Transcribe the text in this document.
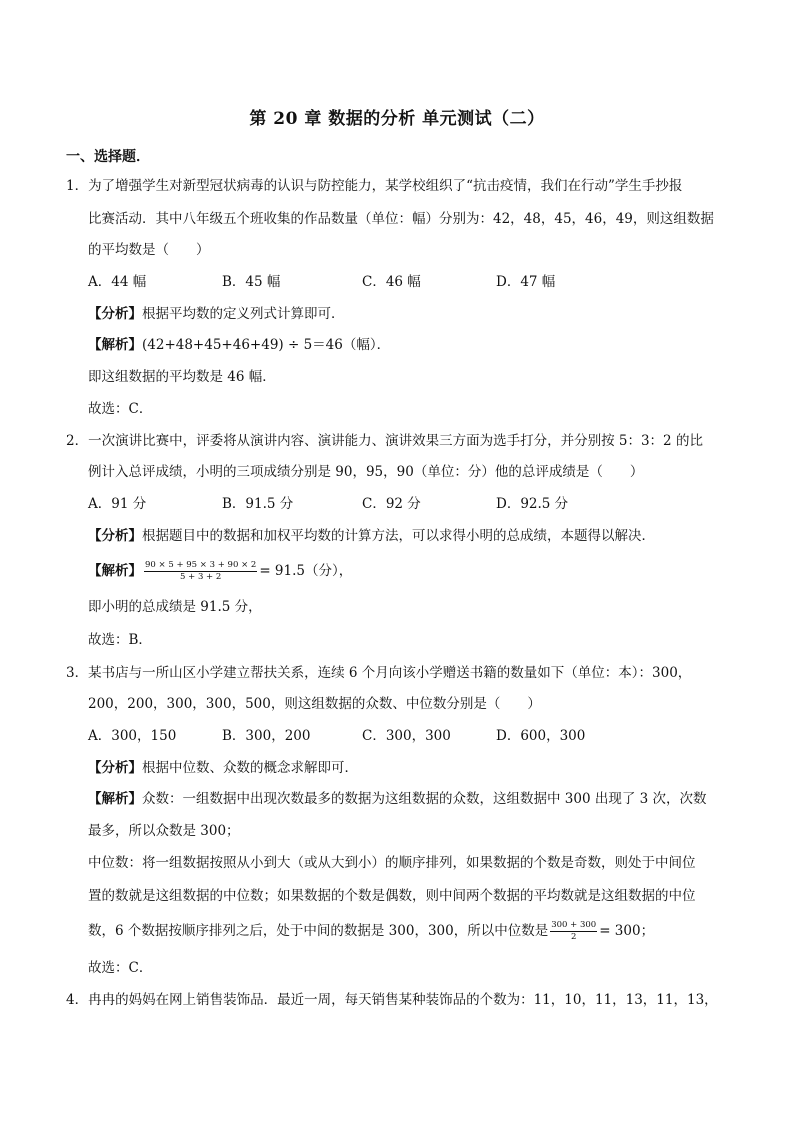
第 20 章 数据的分析 单元测试（二）
一、选择题．
1．为了增强学生对新型冠状病毒的认识与防控能力，某学校组织了“抗击疫情，我们在行动”学生手抄报
比赛活动．其中八年级五个班收集的作品数量（单位：幅）分别为：42，48，45，46，49，则这组数据
的平均数是（　　）
A．44 幅	B．45 幅	C．46 幅	D．47 幅
【分析】根据平均数的定义列式计算即可．
【解析】(42+48+45+46+49) ÷ 5＝46（幅）．
即这组数据的平均数是 46 幅．
故选：C．
2．一次演讲比赛中，评委将从演讲内容、演讲能力、演讲效果三方面为选手打分，并分别按 5：3：2 的比
例计入总评成绩，小明的三项成绩分别是 90，95，90（单位：分）他的总评成绩是（　　）
A．91 分	B．91.5 分	C．92 分	D．92.5 分
【分析】根据题目中的数据和加权平均数的计算方法，可以求得小明的总成绩，本题得以解决．
【解析】 $\frac{90 \times 5 + 95 \times 3 + 90 \times 2}{5 + 3 + 2} = 91.5$（分），
即小明的总成绩是 91.5 分，
故选：B．
3．某书店与一所山区小学建立帮扶关系，连续 6 个月向该小学赠送书籍的数量如下（单位：本）：300，
200，200，300，300，500，则这组数据的众数、中位数分别是（　　）
A．300，150	B．300，200	C．300，300	D．600，300
【分析】根据中位数、众数的概念求解即可．
【解析】众数：一组数据中出现次数最多的数据为这组数据的众数，这组数据中 300 出现了 3 次，次数
最多，所以众数是 300；
中位数：将一组数据按照从小到大（或从大到小）的顺序排列，如果数据的个数是奇数，则处于中间位
置的数就是这组数据的中位数；如果数据的个数是偶数，则中间两个数据的平均数就是这组数据的中位
数，6 个数据按顺序排列之后，处于中间的数据是 300，300，所以中位数是 $\frac{300 + 300}{2} = 300$；
故选：C．
4．冉冉的妈妈在网上销售装饰品．最近一周，每天销售某种装饰品的个数为：11，10，11，13，11，13，
